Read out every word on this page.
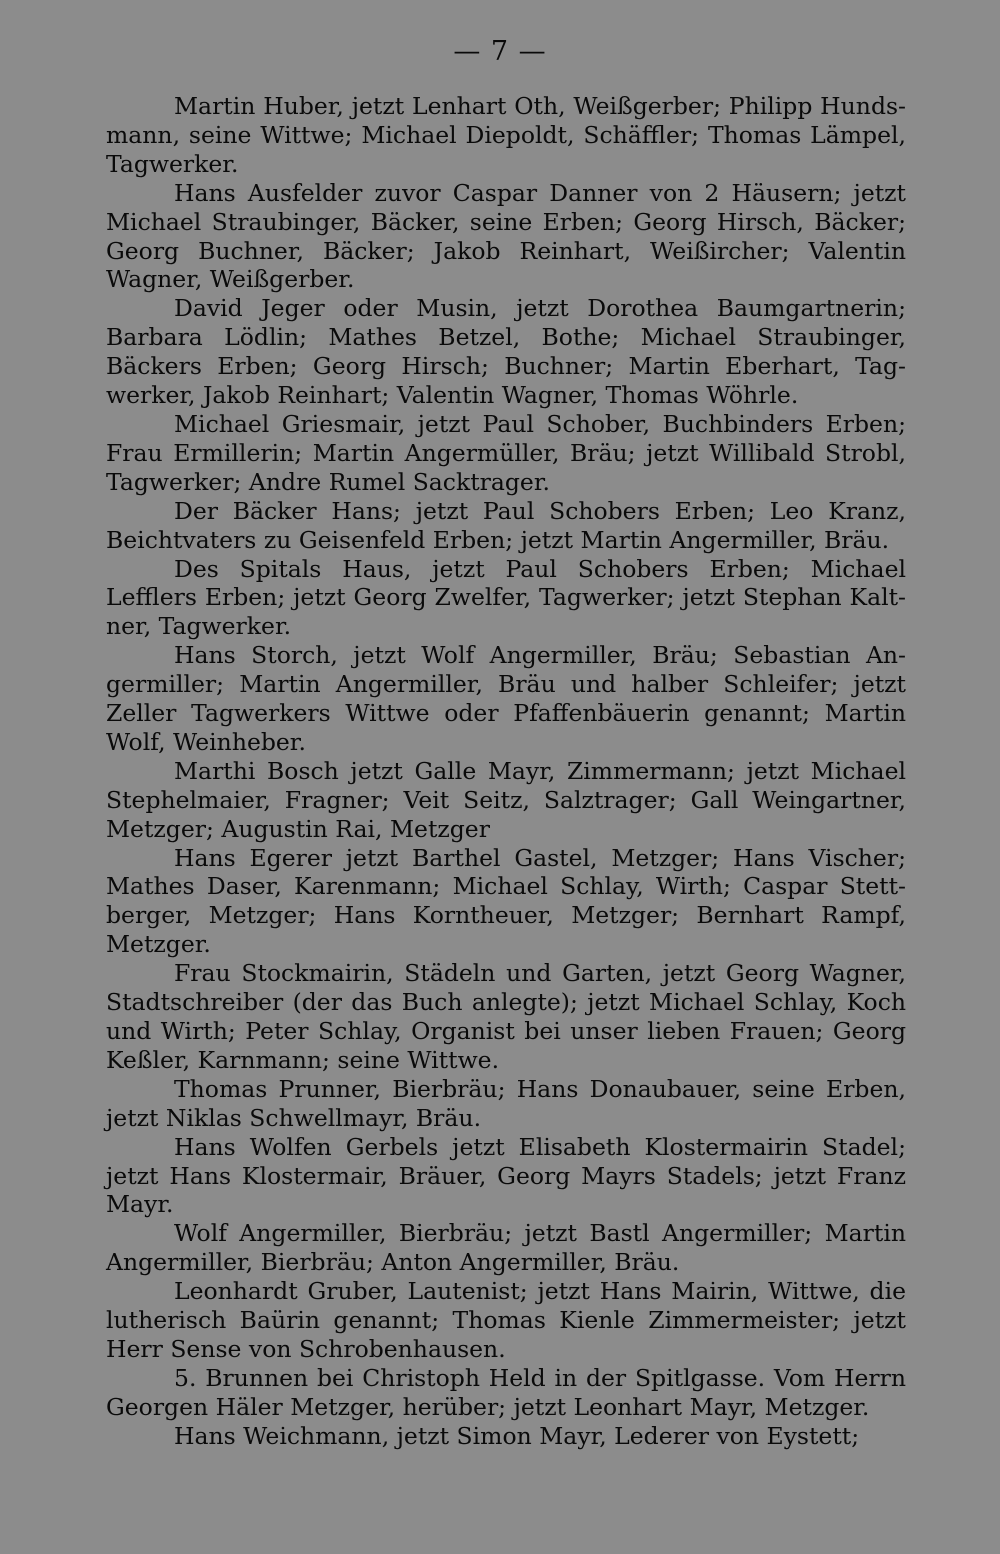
— 7 —

Martin Huber, jetzt Lenhart Oth, Weißgerber; Philipp Hundsmann, seine Wittwe; Michael Diepoldt, Schäffler; Thomas Lämpel, Tagwerker.

Hans Ausfelder zuvor Caspar Danner von 2 Häusern; jetzt Michael Straubinger, Bäcker, seine Erben; Georg Hirsch, Bäcker; Georg Buchner, Bäcker; Jakob Reinhart, Weißircher; Valentin Wagner, Weißgerber.

David Jeger oder Musin, jetzt Dorothea Baumgartnerin; Barbara Lödlin; Mathes Betzel, Bothe; Michael Straubinger, Bäckers Erben; Georg Hirsch; Buchner; Martin Eberhart, Tagwerker, Jakob Reinhart; Valentin Wagner, Thomas Wöhrle.

Michael Griesmair, jetzt Paul Schober, Buchbinders Erben; Frau Ermillerin; Martin Angermüller, Bräu; jetzt Willibald Strobl, Tagwerker; Andre Rumel Sacktrager.

Der Bäcker Hans; jetzt Paul Schobers Erben; Leo Kranz, Beichtvaters zu Geisenfeld Erben; jetzt Martin Angermiller, Bräu.

Des Spitals Haus, jetzt Paul Schobers Erben; Michael Lefflers Erben; jetzt Georg Zwelfer, Tagwerker; jetzt Stephan Kaltner, Tagwerker.

Hans Storch, jetzt Wolf Angermiller, Bräu; Sebastian Angermiller; Martin Angermiller, Bräu und halber Schleifer; jetzt Zeller Tagwerkers Wittwe oder Pfaffenbäuerin genannt; Martin Wolf, Weinheber.

Marthi Bosch jetzt Galle Mayr, Zimmermann; jetzt Michael Stephelmaier, Fragner; Veit Seitz, Salztrager; Gall Weingartner, Metzger; Augustin Rai, Metzger

Hans Egerer jetzt Barthel Gastel, Metzger; Hans Vischer; Mathes Daser, Karenmann; Michael Schlay, Wirth; Caspar Stettberger, Metzger; Hans Korntheuer, Metzger; Bernhart Rampf, Metzger.

Frau Stockmairin, Städeln und Garten, jetzt Georg Wagner, Stadtschreiber (der das Buch anlegte); jetzt Michael Schlay, Koch und Wirth; Peter Schlay, Organist bei unser lieben Frauen; Georg Keßler, Karnmann; seine Wittwe.

Thomas Prunner, Bierbräu; Hans Donaubauer, seine Erben, jetzt Niklas Schwellmayr, Bräu.

Hans Wolfen Gerbels jetzt Elisabeth Klostermairin Stadel; jetzt Hans Klostermair, Bräuer, Georg Mayrs Stadels; jetzt Franz Mayr.

Wolf Angermiller, Bierbräu; jetzt Bastl Angermiller; Martin Angermiller, Bierbräu; Anton Angermiller, Bräu.

Leonhardt Gruber, Lautenist; jetzt Hans Mairin, Wittwe, die lutherisch Baürin genannt; Thomas Kienle Zimmermeister; jetzt Herr Sense von Schrobenhausen.

5. Brunnen bei Christoph Held in der Spitlgasse. Vom Herrn Georgen Häler Metzger, herüber; jetzt Leonhart Mayr, Metzger.

Hans Weichmann, jetzt Simon Mayr, Lederer von Eystett;
